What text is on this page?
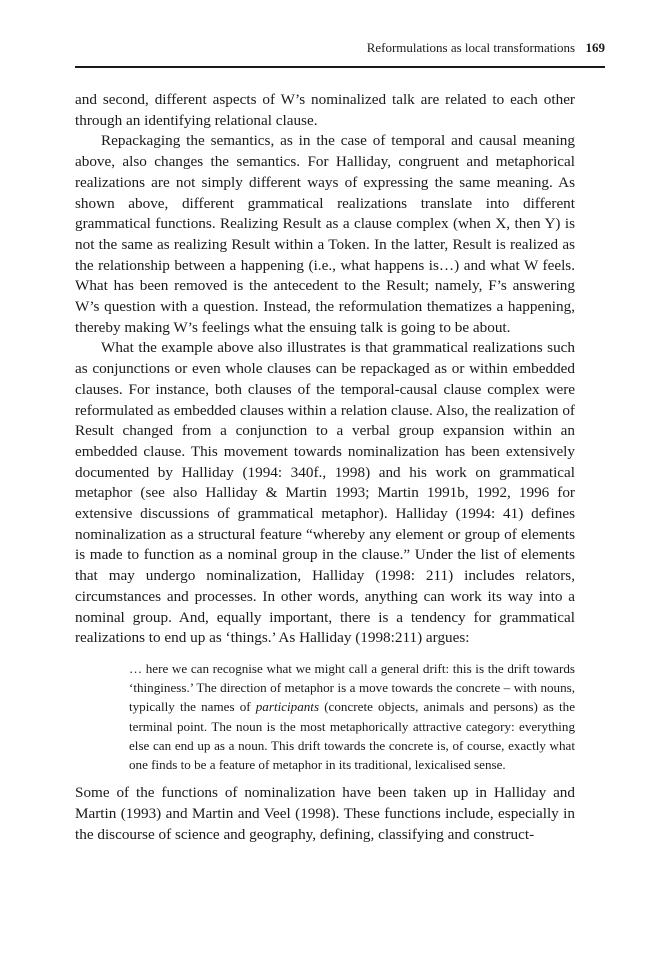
Reformulations as local transformations 169

and second, different aspects of W’s nominalized talk are related to each other through an identifying relational clause.

Repackaging the semantics, as in the case of temporal and causal meaning above, also changes the semantics. For Halliday, congruent and metaphorical realizations are not simply different ways of expressing the same meaning. As shown above, different grammatical realizations translate into different grammatical functions. Realizing Result as a clause complex (when X, then Y) is not the same as realizing Result within a Token. In the latter, Result is realized as the relationship between a happening (i.e., what happens is…) and what W feels. What has been removed is the antecedent to the Result; namely, F’s answering W’s question with a question. Instead, the reformulation thematizes a happening, thereby making W’s feelings what the ensuing talk is going to be about.

What the example above also illustrates is that grammatical realizations such as conjunctions or even whole clauses can be repackaged as or within embedded clauses. For instance, both clauses of the temporal-causal clause complex were reformulated as embedded clauses within a relation clause. Also, the realization of Result changed from a conjunction to a verbal group expansion within an embedded clause. This movement towards nominalization has been extensively documented by Halliday (1994: 340f., 1998) and his work on grammatical metaphor (see also Halliday & Martin 1993; Martin 1991b, 1992, 1996 for extensive discussions of grammatical metaphor). Halliday (1994: 41) defines nominalization as a structural feature “whereby any element or group of elements is made to function as a nominal group in the clause.” Under the list of elements that may undergo nominalization, Halliday (1998: 211) includes relators, circumstances and processes. In other words, anything can work its way into a nominal group. And, equally important, there is a tendency for grammatical realizations to end up as ‘things.’ As Halliday (1998:211) argues:

… here we can recognise what we might call a general drift: this is the drift towards ‘thinginess.’ The direction of metaphor is a move towards the concrete – with nouns, typically the names of participants (concrete objects, animals and persons) as the terminal point. The noun is the most metaphorically attractive category: everything else can end up as a noun. This drift towards the concrete is, of course, exactly what one finds to be a feature of metaphor in its traditional, lexicalised sense.

Some of the functions of nominalization have been taken up in Halliday and Martin (1993) and Martin and Veel (1998). These functions include, especially in the discourse of science and geography, defining, classifying and construct-
